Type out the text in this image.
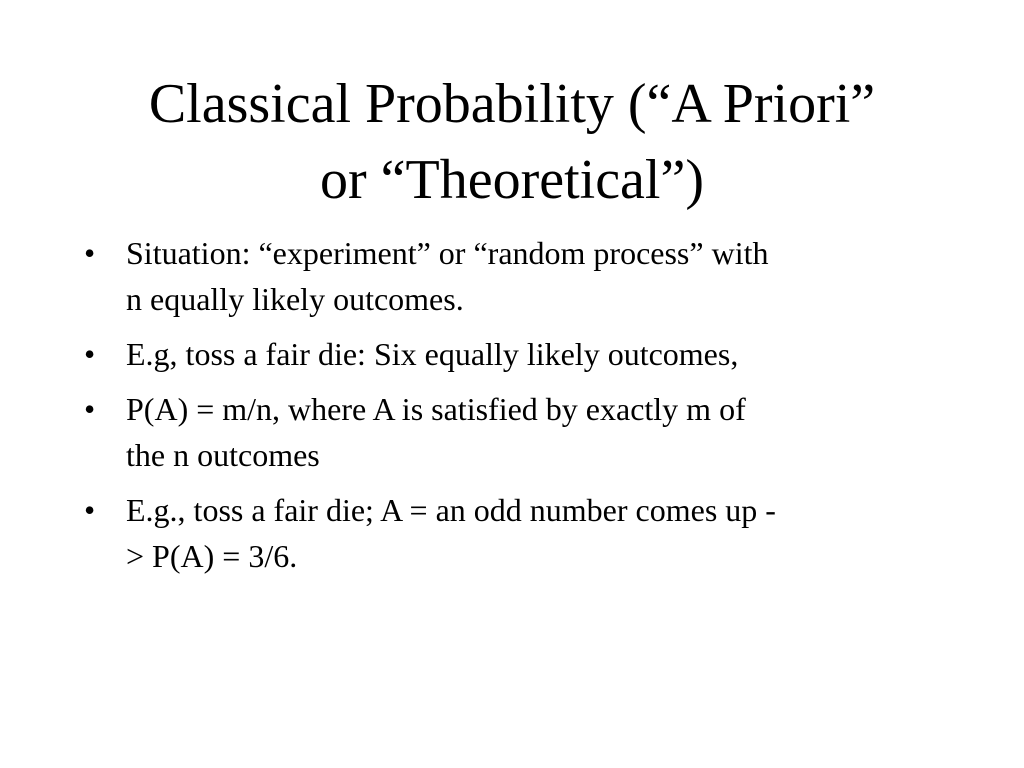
Classical Probability (“A Priori”
or “Theoretical”)
• Situation: “experiment” or “random process” with
n equally likely outcomes.
• E.g, toss a fair die: Six equally likely outcomes,
• P(A) = m/n, where A is satisfied by exactly m of
the n outcomes
• E.g., toss a fair die; A = an odd number comes up -
> P(A) = 3/6.
